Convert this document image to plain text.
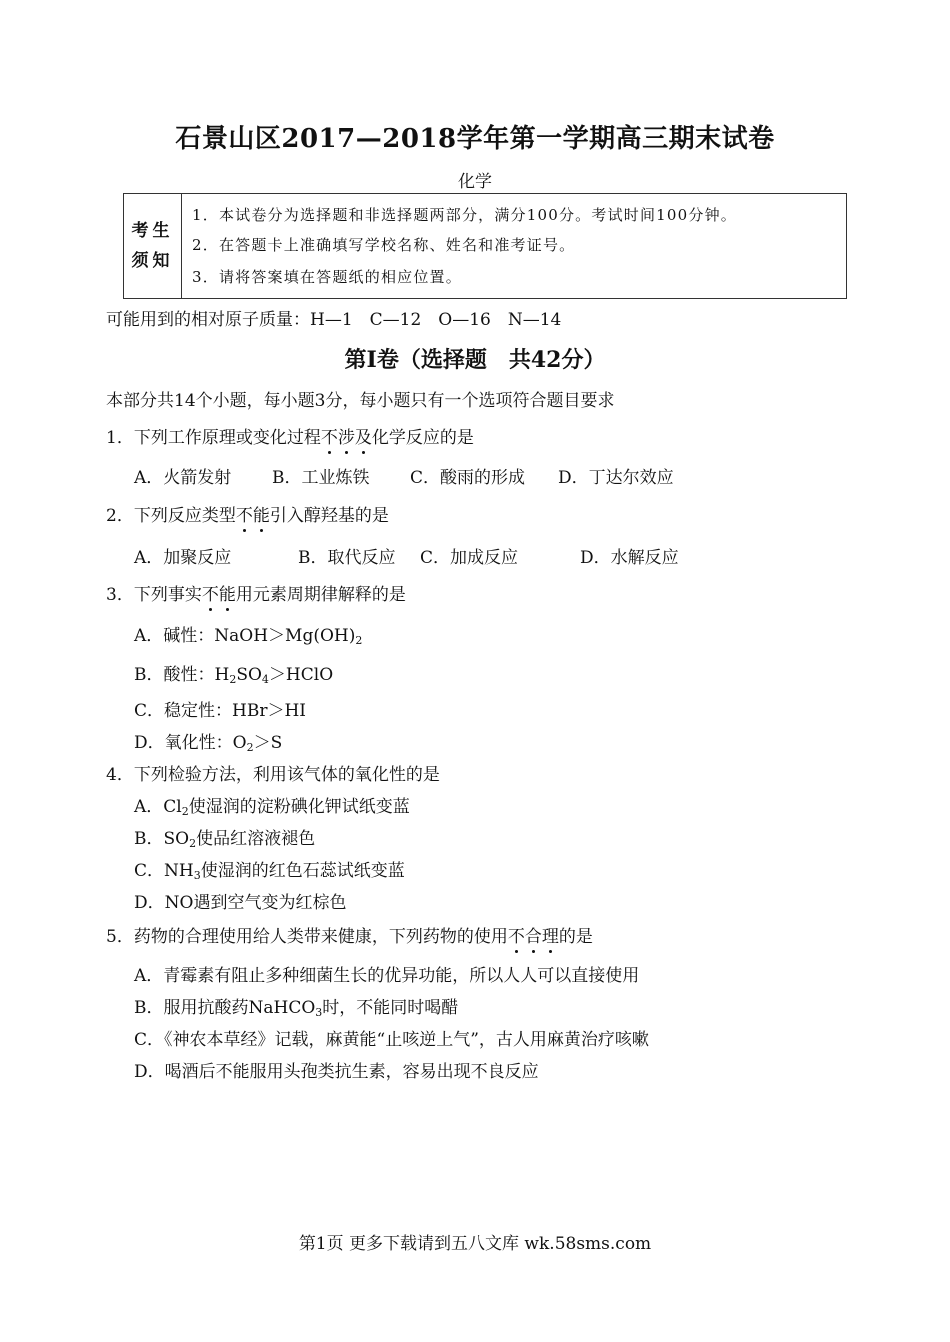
石景山区2017—2018学年第一学期高三期末试卷
化学
考生
须知
1．本试卷分为选择题和非选择题两部分，满分100分。考试时间100分钟。
2．在答题卡上准确填写学校名称、姓名和准考证号。
3．请将答案填在答题纸的相应位置。
可能用到的相对原子质量：H—1　C—12　O—16　N—14
第Ⅰ卷（选择题　共42分）
本部分共14个小题，每小题3分，每小题只有一个选项符合题目要求
1．下列工作原理或变化过程不涉及化学反应的是
A．火箭发射 B．工业炼铁 C．酸雨的形成 D．丁达尔效应
2．下列反应类型不能引入醇羟基的是
A．加聚反应	B．取代反应 C．加成反应	D．水解反应
3．下列事实不能用元素周期律解释的是
A．碱性：$NaOH>Mg(OH)_2$
B．酸性：$H_2SO_4>HClO$
C．稳定性：HBr＞HI
D．氧化性：$O_2>S$
4．下列检验方法，利用该气体的氧化性的是
A．$Cl_2$使湿润的淀粉碘化钾试纸变蓝
B．$SO_2$使品红溶液褪色
C．$NH_3$使湿润的红色石蕊试纸变蓝
D．NO遇到空气变为红棕色
5．药物的合理使用给人类带来健康，下列药物的使用不合理的是
A．青霉素有阻止多种细菌生长的优异功能，所以人人可以直接使用
B．服用抗酸药NaHCO$_3$时，不能同时喝醋
C．《神农本草经》记载，麻黄能“止咳逆上气”，古人用麻黄治疗咳嗽
D．喝酒后不能服用头孢类抗生素，容易出现不良反应
第1页 更多下载请到五八文库 wk.58sms.com
